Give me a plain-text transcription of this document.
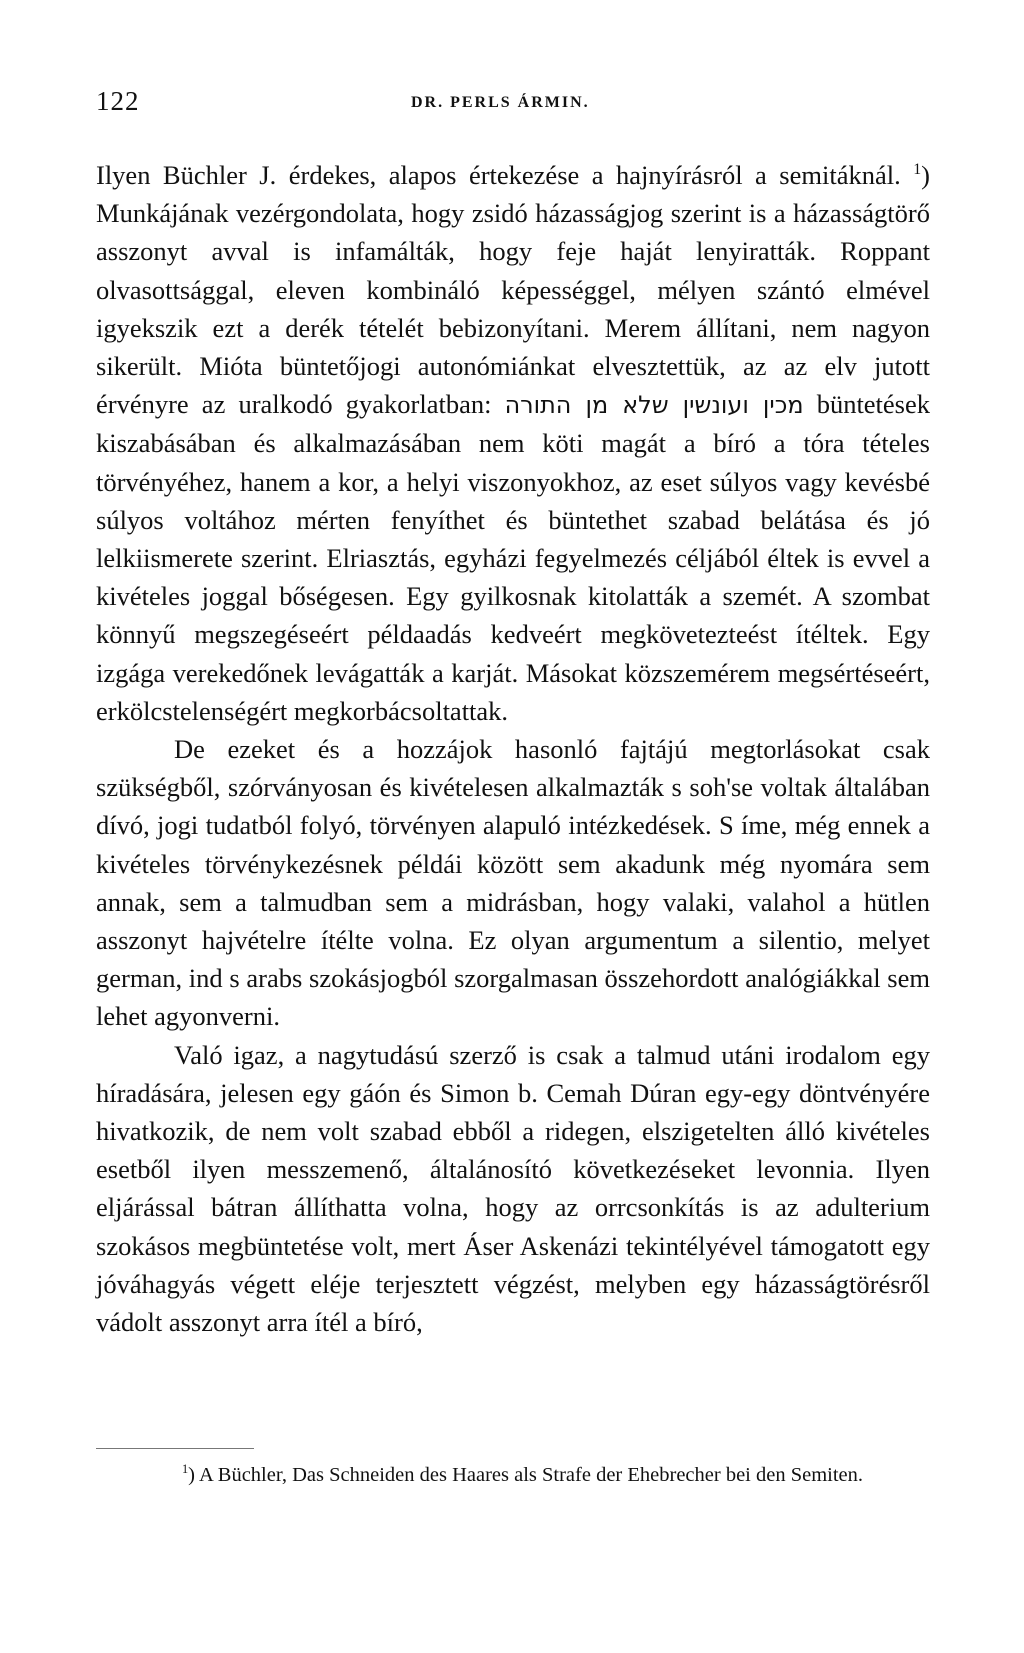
122	DR. PERLS ÁRMIN.

Ilyen Büchler J. érdekes, alapos értekezése a hajnyírásról a semitáknál. $^1$) Munkájának vezérgondolata, hogy zsidó házasságjog szerint is a házasságtörő asszonyt avval is infamálták, hogy feje haját lenyiratták. Roppant olvasottsággal, eleven kombináló képességgel, mélyen szántó elmével igyekszik ezt a derék tételét bebizonyítani. Merem állítani, nem nagyon sikerült. Mióta büntetőjogi autonómiánkat elvesztettük, az az elv jutott érvényre az uralkodó gyakorlatban: מכין ועונשין שלא מן התורה büntetések kiszabásában és alkalmazásában nem köti magát a bíró a tóra tételes törvényéhez, hanem a kor, a helyi viszonyokhoz, az eset súlyos vagy kevésbé súlyos voltához mérten fenyíthet és büntethet szabad belátása és jó lelkiismerete szerint. Elriasztás, egyházi fegyelmezés céljából éltek is evvel a kivételes joggal bőségesen. Egy gyilkosnak kitolatták a szemét. A szombat könnyű megszegéseért példaadás kedveért megkövetezteést ítéltek. Egy izgága verekedőnek levágatták a karját. Másokat közszemérem megsértéseért, erkölcstelenségért megkorbácsoltattak.

De ezeket és a hozzájok hasonló fajtájú megtorlásokat csak szükségből, szórványosan és kivételesen alkalmazták s soh'se voltak általában dívó, jogi tudatból folyó, törvényen alapuló intézkedések. S íme, még ennek a kivételes törvénykezésnek példái között sem akadunk még nyomára sem annak, sem a talmudban sem a midrásban, hogy valaki, valahol a hütlen asszonyt hajvételre ítélte volna. Ez olyan argumentum a silentio, melyet german, ind s arabs szokásjogból szorgalmasan összehordott analógiákkal sem lehet agyonverni.

Való igaz, a nagytudású szerző is csak a talmud utáni irodalom egy híradására, jelesen egy gáón és Simon b. Cemah Dúran egy-egy döntvényére hivatkozik, de nem volt szabad ebből a ridegen, elszigetelten álló kivételes esetből ilyen messzemenő, általánosító következéseket levonnia. Ilyen eljárással bátran állíthatta volna, hogy az orrcsonkítás is az adulterium szokásos megbüntetése volt, mert Áser Askenázi tekintélyével támogatott egy jóváhagyás végett eléje terjesztett végzést, melyben egy házasságtörésről vádolt asszonyt arra ítél a bíró,

$^1$) A Büchler, Das Schneiden des Haares als Strafe der Ehebrecher bei den Semiten.
